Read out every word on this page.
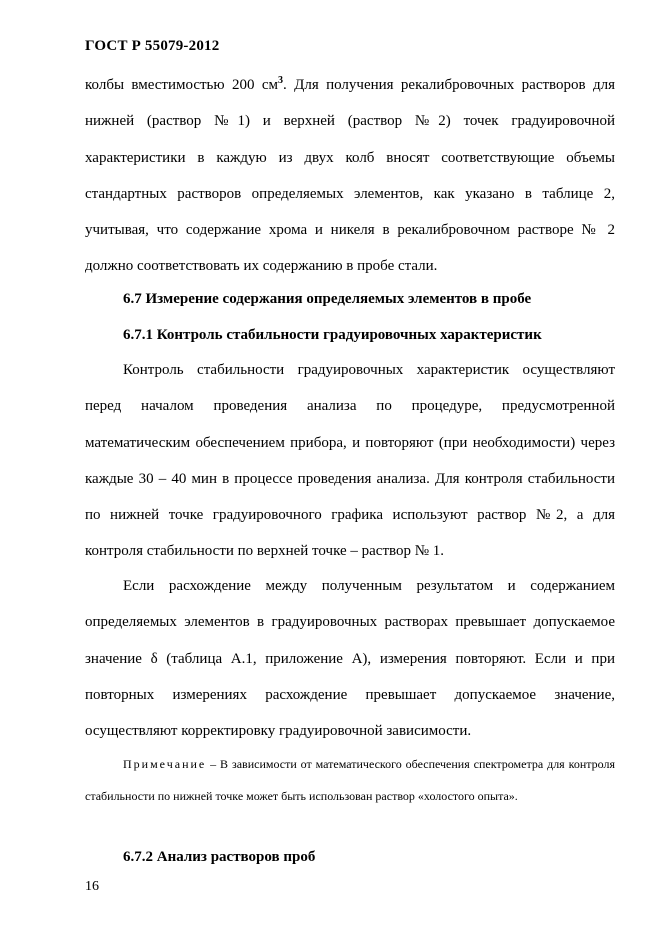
ГОСТ Р 55079-2012

колбы вместимостью 200 $см^3$. Для получения рекалибровочных растворов для нижней (раствор №1) и верхней (раствор №2) точек градуировочной характеристики в каждую из двух колб вносят соответствующие объемы стандартных растворов определяемых элементов, как указано в таблице 2, учитывая, что содержание хрома и никеля в рекалибровочном растворе № 2 должно соответствовать их содержанию в пробе стали.

6.7 Измерение содержания определяемых элементов в пробе
6.7.1 Контроль стабильности градуировочных характеристик

Контроль стабильности градуировочных характеристик осуществляют перед началом проведения анализа по процедуре, предусмотренной математическим обеспечением прибора, и повторяют (при необходимости) через каждые 30 – 40 мин в процессе проведения анализа. Для контроля стабильности по нижней точке градуировочного графика используют раствор №2, а для контроля стабильности по верхней точке – раствор № 1.

Если расхождение между полученным результатом и содержанием определяемых элементов в градуировочных растворах превышает допускаемое значение δ (таблица А.1, приложение А), измерения повторяют. Если и при повторных измерениях расхождение превышает допускаемое значение, осуществляют корректировку градуировочной зависимости.

Примечание – В зависимости от математического обеспечения спектрометра для контроля стабильности по нижней точке может быть использован раствор «холостого опыта».

6.7.2 Анализ растворов проб
16
